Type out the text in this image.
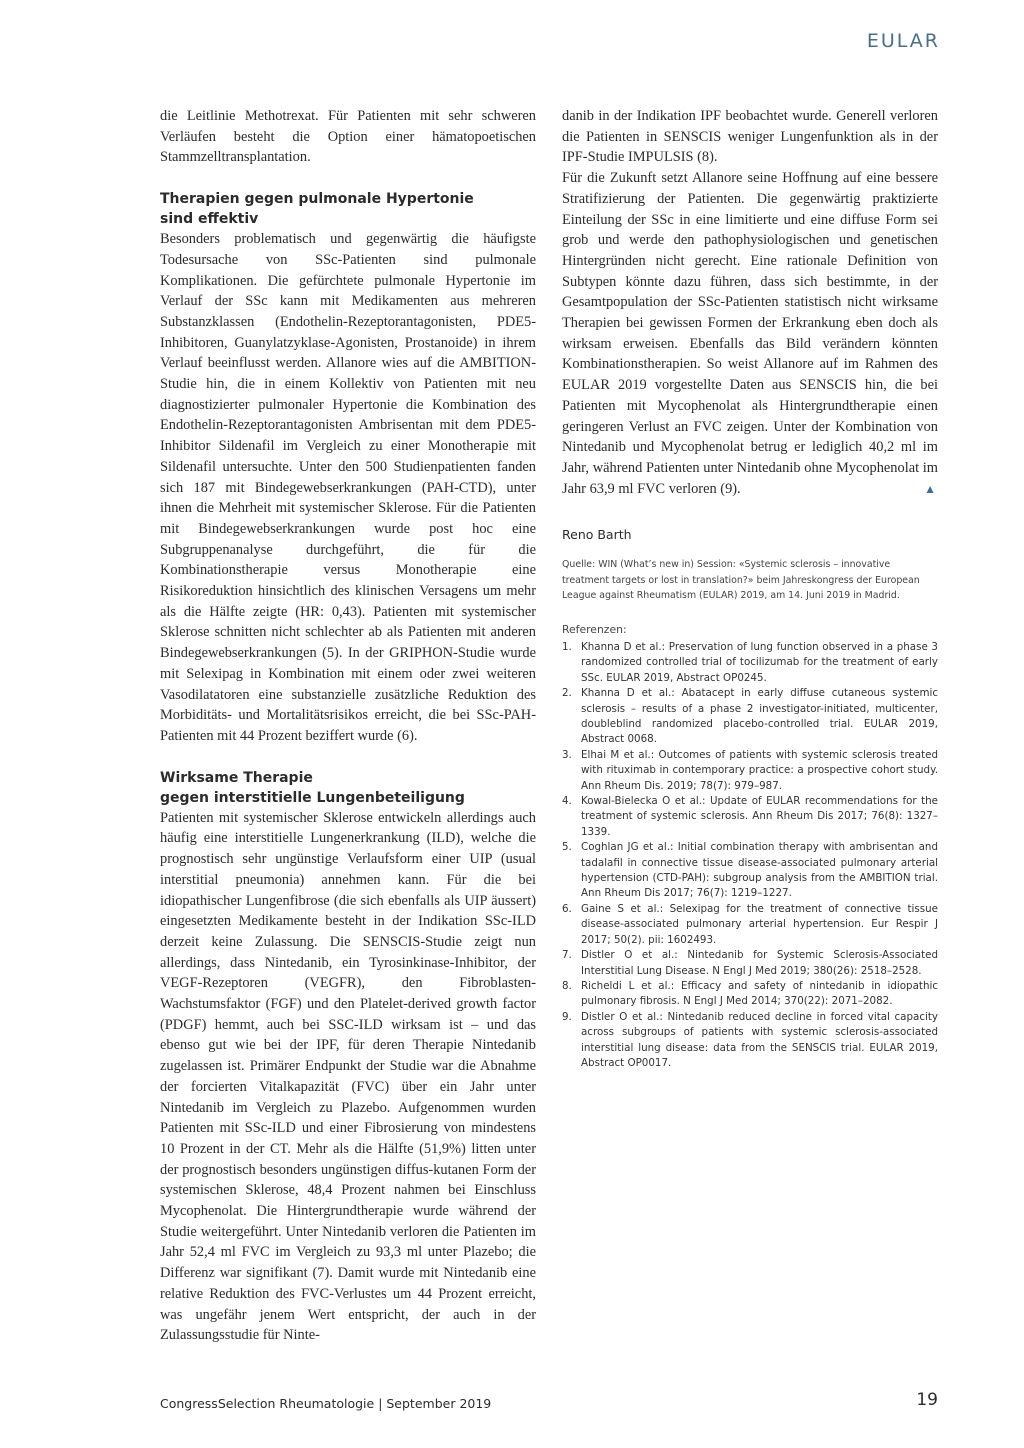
EULAR

die Leitlinie Methotrexat. Für Patienten mit sehr schweren Verläufen besteht die Option einer hämatopoetischen Stammzelltransplantation.

Therapien gegen pulmonale Hypertonie
sind effektiv

Besonders problematisch und gegenwärtig die häufigste Todesursache von SSc-Patienten sind pulmonale Komplikationen. Die gefürchtete pulmonale Hypertonie im Verlauf der SSc kann mit Medikamenten aus mehreren Substanzklassen (Endothelin-Rezeptorantagonisten, PDE5-Inhibitoren, Guanylatzyklase-Agonisten, Prostanoide) in ihrem Verlauf beeinflusst werden. Allanore wies auf die AMBITION-Studie hin, die in einem Kollektiv von Patienten mit neu diagnostizierter pulmonaler Hypertonie die Kombination des Endothelin-Rezeptorantagonisten Ambrisentan mit dem PDE5-Inhibitor Sildenafil im Vergleich zu einer Monotherapie mit Sildenafil untersuchte. Unter den 500 Studienpatienten fanden sich 187 mit Bindegewebserkrankungen (PAH-CTD), unter ihnen die Mehrheit mit systemischer Sklerose. Für die Patienten mit Bindegewebserkrankungen wurde post hoc eine Subgruppenanalyse durchgeführt, die für die Kombinationstherapie versus Monotherapie eine Risikoreduktion hinsichtlich des klinischen Versagens um mehr als die Hälfte zeigte (HR: 0,43). Patienten mit systemischer Sklerose schnitten nicht schlechter ab als Patienten mit anderen Bindegewebserkrankungen (5). In der GRIPHON-Studie wurde mit Selexipag in Kombination mit einem oder zwei weiteren Vasodilatatoren eine substanzielle zusätzliche Reduktion des Morbiditäts- und Mortalitätsrisikos erreicht, die bei SSc-PAH-Patienten mit 44 Prozent beziffert wurde (6).

Wirksame Therapie
gegen interstitielle Lungenbeteiligung

Patienten mit systemischer Sklerose entwickeln allerdings auch häufig eine interstitielle Lungenerkrankung (ILD), welche die prognostisch sehr ungünstige Verlaufsform einer UIP (usual interstitial pneumonia) annehmen kann. Für die bei idiopathischer Lungenfibrose (die sich ebenfalls als UIP äussert) eingesetzten Medikamente besteht in der Indikation SSc-ILD derzeit keine Zulassung. Die SENSCIS-Studie zeigt nun allerdings, dass Nintedanib, ein Tyrosinkinase-Inhibitor, der VEGF-Rezeptoren (VEGFR), den Fibroblasten-Wachstumsfaktor (FGF) und den Platelet-derived growth factor (PDGF) hemmt, auch bei SSC-ILD wirksam ist – und das ebenso gut wie bei der IPF, für deren Therapie Nintedanib zugelassen ist. Primärer Endpunkt der Studie war die Abnahme der forcierten Vitalkapazität (FVC) über ein Jahr unter Nintedanib im Vergleich zu Plazebo. Aufgenommen wurden Patienten mit SSc-ILD und einer Fibrosierung von mindestens 10 Prozent in der CT. Mehr als die Hälfte (51,9%) litten unter der prognostisch besonders ungünstigen diffus-kutanen Form der systemischen Sklerose, 48,4 Prozent nahmen bei Einschluss Mycophenolat. Die Hintergrundtherapie wurde während der Studie weitergeführt. Unter Nintedanib verloren die Patienten im Jahr 52,4 ml FVC im Vergleich zu 93,3 ml unter Plazebo; die Differenz war signifikant (7). Damit wurde mit Nintedanib eine relative Reduktion des FVC-Verlustes um 44 Prozent erreicht, was ungefähr jenem Wert entspricht, der auch in der Zulassungsstudie für Ninte-

danib in der Indikation IPF beobachtet wurde. Generell verloren die Patienten in SENSCIS weniger Lungenfunktion als in der IPF-Studie IMPULSIS (8).

Für die Zukunft setzt Allanore seine Hoffnung auf eine bessere Stratifizierung der Patienten. Die gegenwärtig praktizierte Einteilung der SSc in eine limitierte und eine diffuse Form sei grob und werde den pathophysiologischen und genetischen Hintergründen nicht gerecht. Eine rationale Definition von Subtypen könnte dazu führen, dass sich bestimmte, in der Gesamtpopulation der SSc-Patienten statistisch nicht wirksame Therapien bei gewissen Formen der Erkrankung eben doch als wirksam erweisen. Ebenfalls das Bild verändern könnten Kombinationstherapien. So weist Allanore auf im Rahmen des EULAR 2019 vorgestellte Daten aus SENSCIS hin, die bei Patienten mit Mycophenolat als Hintergrundtherapie einen geringeren Verlust an FVC zeigen. Unter der Kombination von Nintedanib und Mycophenolat betrug er lediglich 40,2 ml im Jahr, während Patienten unter Nintedanib ohne Mycophenolat im Jahr 63,9 ml FVC verloren (9).	▲

Reno Barth

Quelle: WIN (What’s new in) Session: «Systemic sclerosis – innovative treatment targets or lost in translation?» beim Jahreskongress der European League against Rheumatism (EULAR) 2019, am 14. Juni 2019 in Madrid.

Referenzen:

1. Khanna D et al.: Preservation of lung function observed in a phase 3 randomized controlled trial of tocilizumab for the treatment of early SSc. EULAR 2019, Abstract OP0245.
2. Khanna D et al.: Abatacept in early diffuse cutaneous systemic sclerosis – results of a phase 2 investigator-initiated, multicenter, doubleblind randomized placebo-controlled trial. EULAR 2019, Abstract 0068.
3. Elhai M et al.: Outcomes of patients with systemic sclerosis treated with rituximab in contemporary practice: a prospective cohort study. Ann Rheum Dis. 2019; 78(7): 979–987.
4. Kowal-Bielecka O et al.: Update of EULAR recommendations for the treatment of systemic sclerosis. Ann Rheum Dis 2017; 76(8): 1327–1339.
5. Coghlan JG et al.: Initial combination therapy with ambrisentan and tadalafil in connective tissue disease-associated pulmonary arterial hypertension (CTD-PAH): subgroup analysis from the AMBITION trial. Ann Rheum Dis 2017; 76(7): 1219–1227.
6. Gaine S et al.: Selexipag for the treatment of connective tissue disease-associated pulmonary arterial hypertension. Eur Respir J 2017; 50(2). pii: 1602493.
7. Distler O et al.: Nintedanib for Systemic Sclerosis-Associated Interstitial Lung Disease. N Engl J Med 2019; 380(26): 2518–2528.
8. Richeldi L et al.: Efficacy and safety of nintedanib in idiopathic pulmonary fibrosis. N Engl J Med 2014; 370(22): 2071–2082.
9. Distler O et al.: Nintedanib reduced decline in forced vital capacity across subgroups of patients with systemic sclerosis-associated interstitial lung disease: data from the SENSCIS trial. EULAR 2019, Abstract OP0017.
CongressSelection Rheumatologie | September 2019	19
